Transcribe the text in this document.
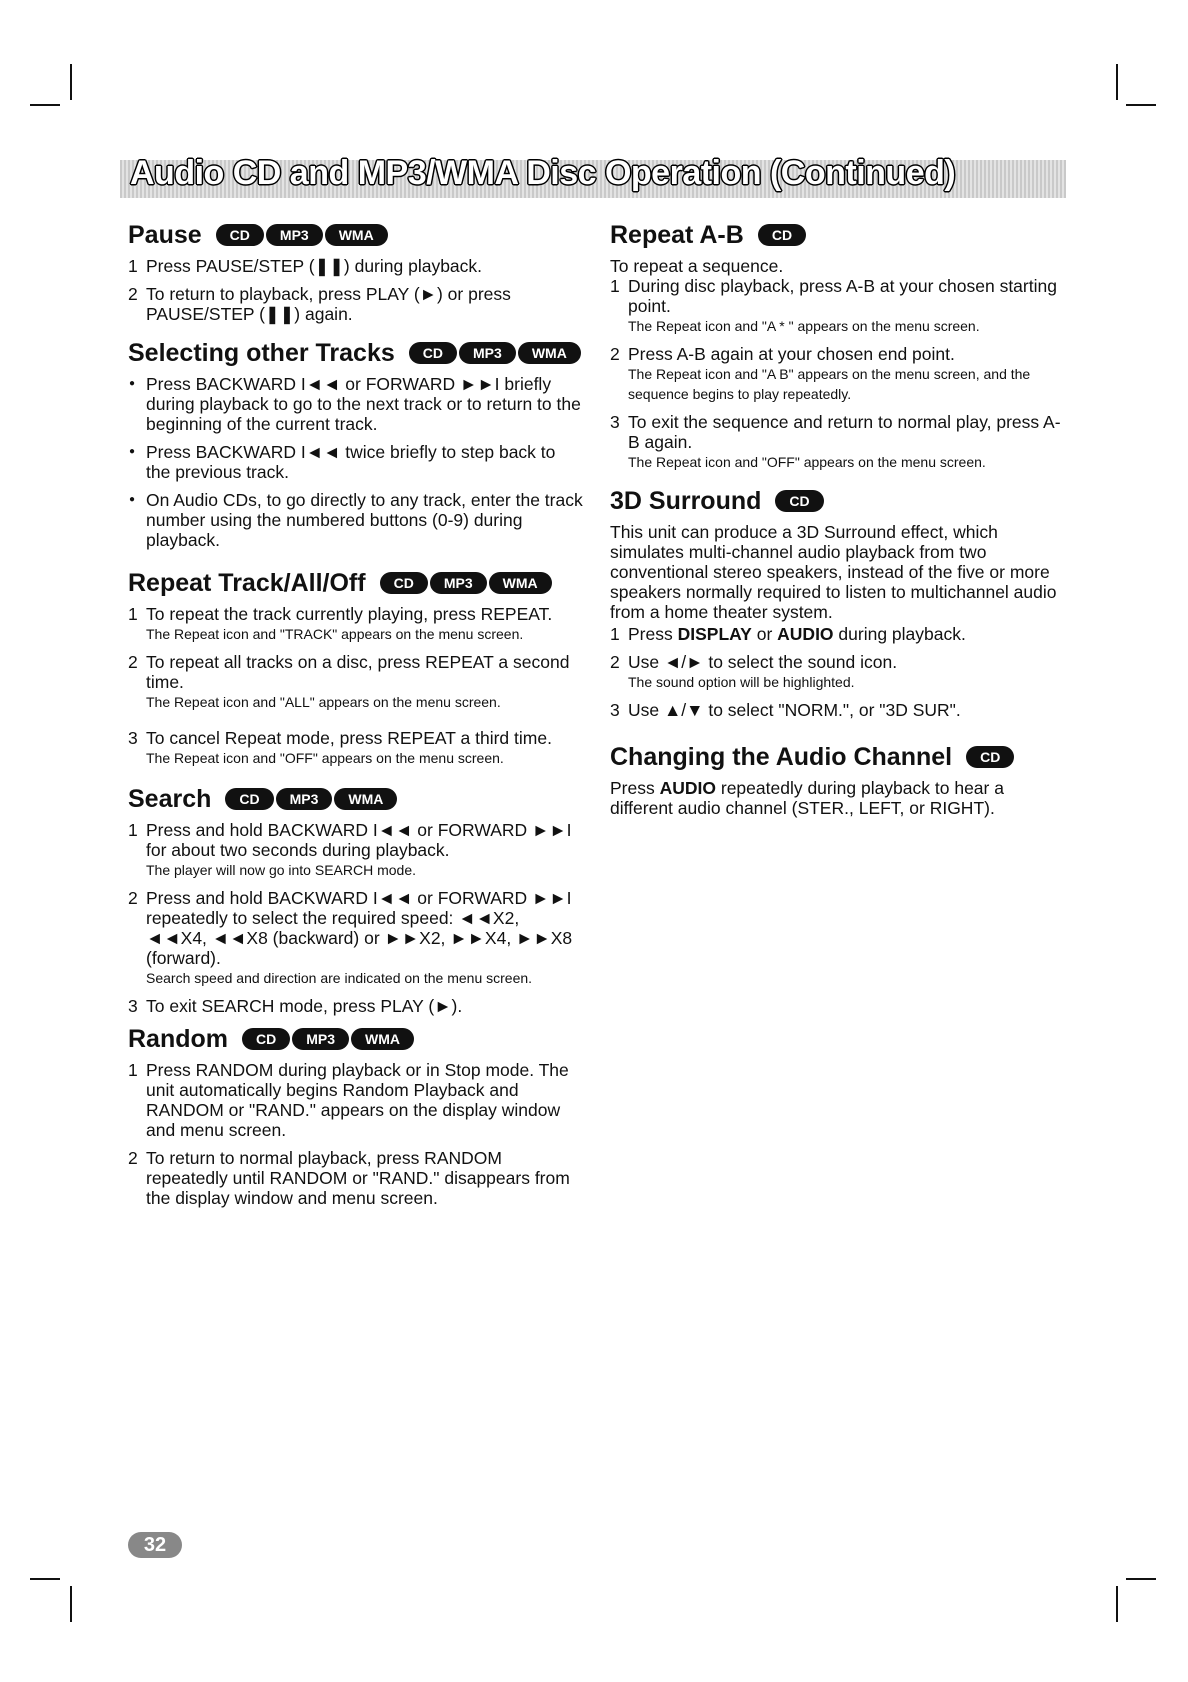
Audio CD and MP3/WMA Disc Operation (Continued)
Pause	CD	MP3	WMA
1 Press PAUSE/STEP (❚❚) during playback.
2 To return to playback, press PLAY (►) or press PAUSE/STEP (❚❚) again.
Selecting other Tracks	CD	MP3	WMA
● Press BACKWARD I◄◄ or FORWARD ►►I briefly during playback to go to the next track or to return to the beginning of the current track.
● Press BACKWARD I◄◄ twice briefly to step back to the previous track.
● On Audio CDs, to go directly to any track, enter the track number using the numbered buttons (0-9) during playback.
Repeat Track/All/Off	CD	MP3	WMA
1 To repeat the track currently playing, press REPEAT.
The Repeat icon and "TRACK" appears on the menu screen.
2 To repeat all tracks on a disc, press REPEAT a second time.
The Repeat icon and "ALL" appears on the menu screen.
3 To cancel Repeat mode, press REPEAT a third time.
The Repeat icon and "OFF" appears on the menu screen.
Search	CD	MP3	WMA
1 Press and hold BACKWARD I◄◄ or FORWARD ►►I for about two seconds during playback.
The player will now go into SEARCH mode.
2 Press and hold BACKWARD I◄◄ or FORWARD ►►I repeatedly to select the required speed: ◄◄X2, ◄◄X4, ◄◄X8 (backward) or ►►X2, ►►X4, ►►X8 (forward).
Search speed and direction are indicated on the menu screen.
3 To exit SEARCH mode, press PLAY (►).
Random	CD	MP3	WMA
1 Press RANDOM during playback or in Stop mode. The unit automatically begins Random Playback and RANDOM or "RAND." appears on the display window and menu screen.
2 To return to normal playback, press RANDOM repeatedly until RANDOM or "RAND." disappears from the display window and menu screen.
Repeat A-B	CD

To repeat a sequence.

1 During disc playback, press A-B at your chosen starting point.
The Repeat icon and "A * " appears on the menu screen.
2 Press A-B again at your chosen end point.
The Repeat icon and "A B" appears on the menu screen, and the sequence begins to play repeatedly.
3 To exit the sequence and return to normal play, press A-B again.
The Repeat icon and "OFF" appears on the menu screen.
3D Surround	CD

This unit can produce a 3D Surround effect, which simulates multi-channel audio playback from two conventional stereo speakers, instead of the five or more speakers normally required to listen to multichannel audio from a home theater system.

1 Press DISPLAY or AUDIO during playback.
2 Use ◄/► to select the sound icon.
The sound option will be highlighted.
3 Use ▲/▼ to select "NORM.", or "3D SUR".
Changing the Audio Channel	CD

Press AUDIO repeatedly during playback to hear a different audio channel (STER., LEFT, or RIGHT).

32
